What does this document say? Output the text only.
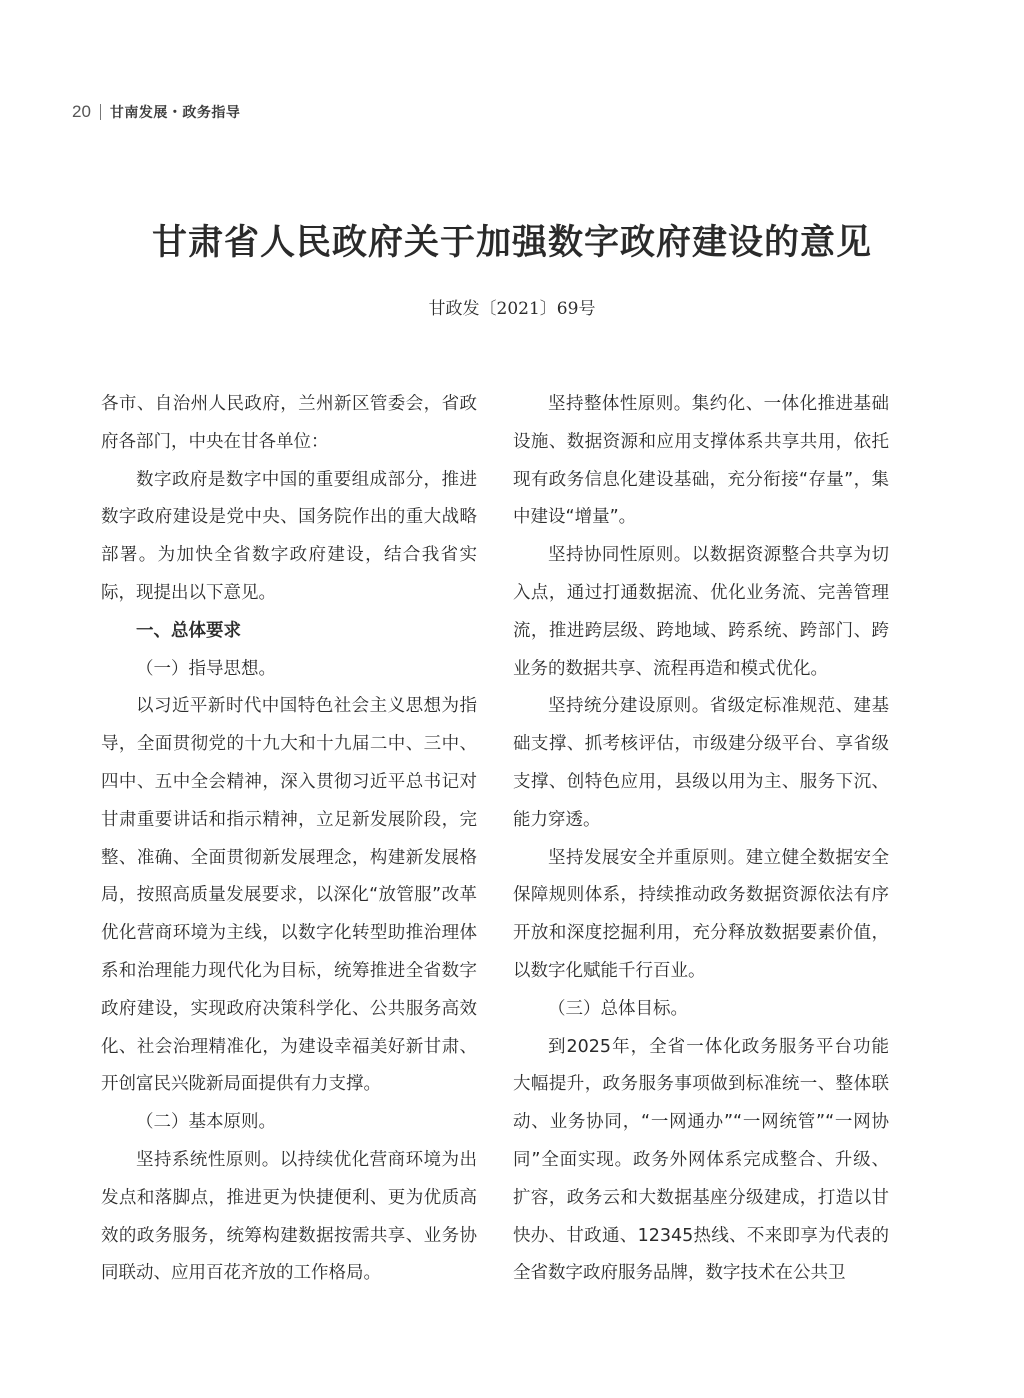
20 甘南发展・政务指导
甘肃省人民政府关于加强数字政府建设的意见
甘政发〔2021〕69号

各市、自治州人民政府，兰州新区管委会，省政府各部门，中央在甘各单位：

数字政府是数字中国的重要组成部分，推进数字政府建设是党中央、国务院作出的重大战略部署。为加快全省数字政府建设，结合我省实际，现提出以下意见。

一、总体要求

（一）指导思想。

以习近平新时代中国特色社会主义思想为指导，全面贯彻党的十九大和十九届二中、三中、四中、五中全会精神，深入贯彻习近平总书记对甘肃重要讲话和指示精神，立足新发展阶段，完整、准确、全面贯彻新发展理念，构建新发展格局，按照高质量发展要求，以深化“放管服”改革优化营商环境为主线，以数字化转型助推治理体系和治理能力现代化为目标，统筹推进全省数字政府建设，实现政府决策科学化、公共服务高效化、社会治理精准化，为建设幸福美好新甘肃、开创富民兴陇新局面提供有力支撑。

（二）基本原则。

坚持系统性原则。以持续优化营商环境为出发点和落脚点，推进更为快捷便利、更为优质高效的政务服务，统筹构建数据按需共享、业务协同联动、应用百花齐放的工作格局。

坚持整体性原则。集约化、一体化推进基础设施、数据资源和应用支撑体系共享共用，依托现有政务信息化建设基础，充分衔接“存量”，集中建设“增量”。

坚持协同性原则。以数据资源整合共享为切入点，通过打通数据流、优化业务流、完善管理流，推进跨层级、跨地域、跨系统、跨部门、跨业务的数据共享、流程再造和模式优化。

坚持统分建设原则。省级定标准规范、建基础支撑、抓考核评估，市级建分级平台、享省级支撑、创特色应用，县级以用为主、服务下沉、能力穿透。

坚持发展安全并重原则。建立健全数据安全保障规则体系，持续推动政务数据资源依法有序开放和深度挖掘利用，充分释放数据要素价值，以数字化赋能千行百业。

（三）总体目标。

到2025年，全省一体化政务服务平台功能大幅提升，政务服务事项做到标准统一、整体联动、业务协同，“一网通办”“一网统管”“一网协同”全面实现。政务外网体系完成整合、升级、扩容，政务云和大数据基座分级建成，打造以甘快办、甘政通、12345热线、不来即享为代表的全省数字政府服务品牌，数字技术在公共卫
